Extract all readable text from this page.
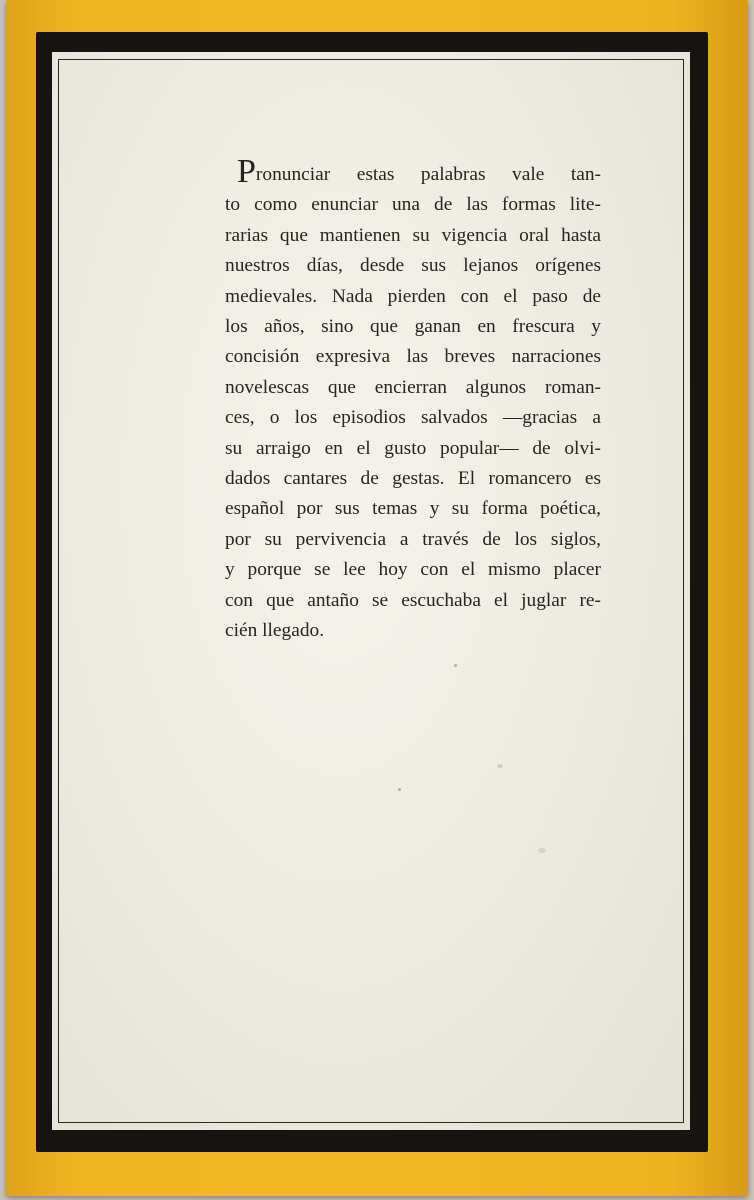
Pronunciar estas palabras vale tan-
to como enunciar una de las formas lite-
rarias que mantienen su vigencia oral hasta
nuestros días, desde sus lejanos orígenes
medievales. Nada pierden con el paso de
los años, sino que ganan en frescura y
concisión expresiva las breves narraciones
novelescas que encierran algunos roman-
ces, o los episodios salvados —gracias a
su arraigo en el gusto popular— de olvi-
dados cantares de gestas. El romancero es
español por sus temas y su forma poética,
por su pervivencia a través de los siglos,
y porque se lee hoy con el mismo placer
con que antaño se escuchaba el juglar re-
cién llegado.
